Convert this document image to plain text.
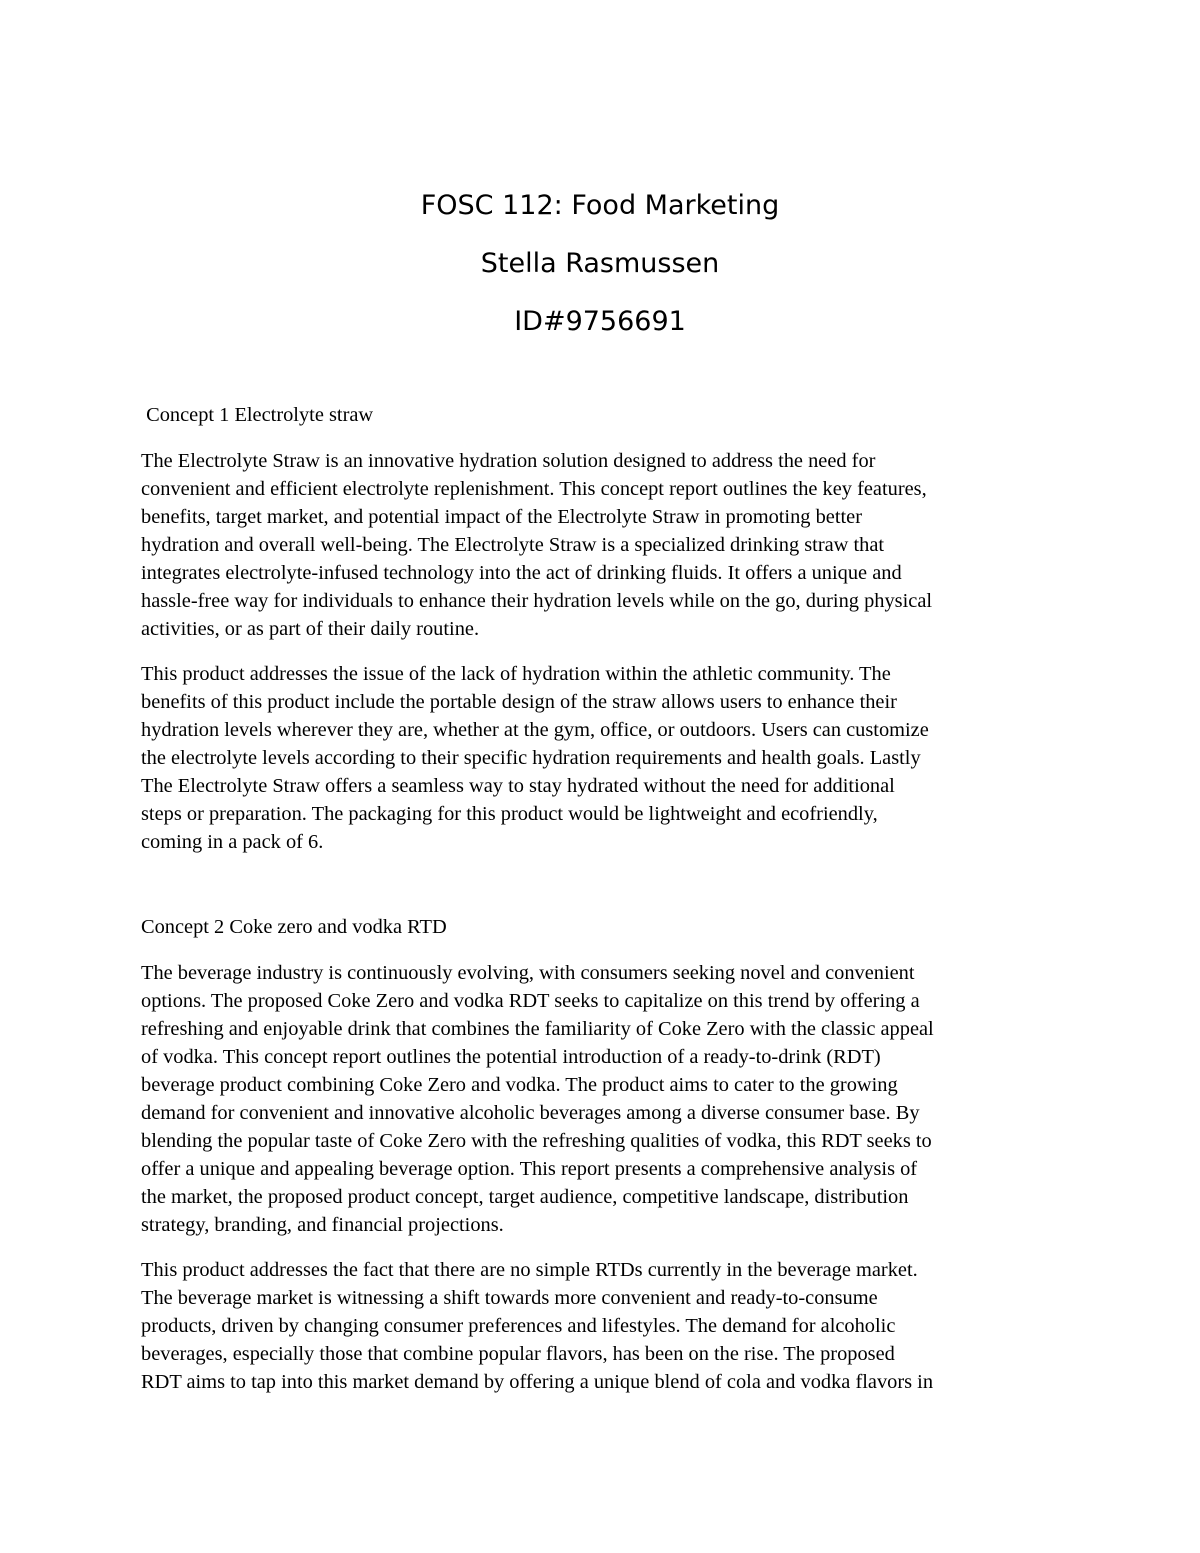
FOSC 112: Food Marketing
Stella Rasmussen
ID#9756691
Concept 1 Electrolyte straw
The Electrolyte Straw is an innovative hydration solution designed to address the need for
convenient and efficient electrolyte replenishment. This concept report outlines the key features,
benefits, target market, and potential impact of the Electrolyte Straw in promoting better
hydration and overall well-being. The Electrolyte Straw is a specialized drinking straw that
integrates electrolyte-infused technology into the act of drinking fluids. It offers a unique and
hassle-free way for individuals to enhance their hydration levels while on the go, during physical
activities, or as part of their daily routine.
This product addresses the issue of the lack of hydration within the athletic community. The
benefits of this product include the portable design of the straw allows users to enhance their
hydration levels wherever they are, whether at the gym, office, or outdoors. Users can customize
the electrolyte levels according to their specific hydration requirements and health goals. Lastly
The Electrolyte Straw offers a seamless way to stay hydrated without the need for additional
steps or preparation. The packaging for this product would be lightweight and ecofriendly,
coming in a pack of 6.
Concept 2 Coke zero and vodka RTD
The beverage industry is continuously evolving, with consumers seeking novel and convenient
options. The proposed Coke Zero and vodka RDT seeks to capitalize on this trend by offering a
refreshing and enjoyable drink that combines the familiarity of Coke Zero with the classic appeal
of vodka. This concept report outlines the potential introduction of a ready-to-drink (RDT)
beverage product combining Coke Zero and vodka. The product aims to cater to the growing
demand for convenient and innovative alcoholic beverages among a diverse consumer base. By
blending the popular taste of Coke Zero with the refreshing qualities of vodka, this RDT seeks to
offer a unique and appealing beverage option. This report presents a comprehensive analysis of
the market, the proposed product concept, target audience, competitive landscape, distribution
strategy, branding, and financial projections.
This product addresses the fact that there are no simple RTDs currently in the beverage market.
The beverage market is witnessing a shift towards more convenient and ready-to-consume
products, driven by changing consumer preferences and lifestyles. The demand for alcoholic
beverages, especially those that combine popular flavors, has been on the rise. The proposed
RDT aims to tap into this market demand by offering a unique blend of cola and vodka flavors in
